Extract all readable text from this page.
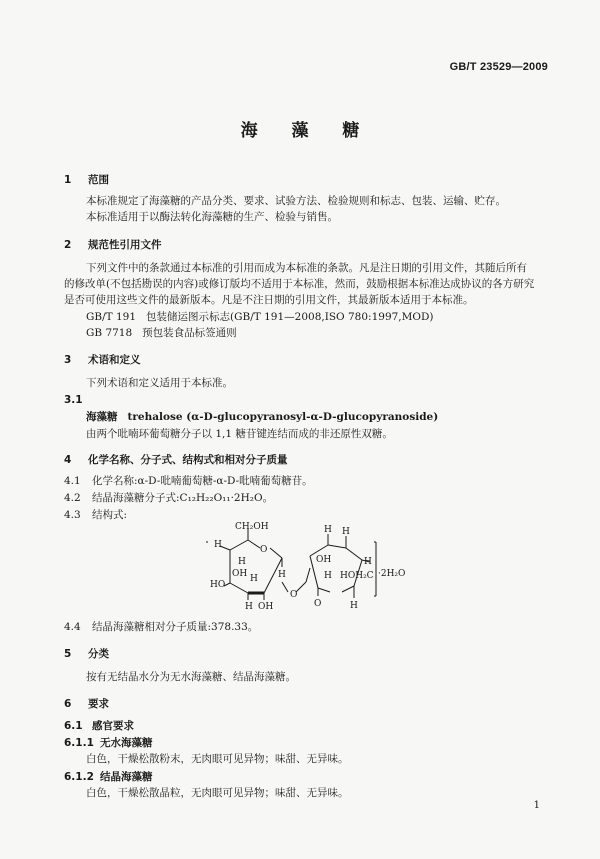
GB/T 23529—2009
海 藻 糖
1 范围
本标准规定了海藻糖的产品分类、要求、试验方法、检验规则和标志、包装、运输、贮存。
本标准适用于以酶法转化海藻糖的生产、检验与销售。
2 规范性引用文件
下列文件中的条款通过本标准的引用而成为本标准的条款。凡是注日期的引用文件，其随后所有
的修改单(不包括勘误的内容)或修订版均不适用于本标准，然而，鼓励根据本标准达成协议的各方研究
是否可使用这些文件的最新版本。凡是不注日期的引用文件，其最新版本适用于本标准。
GB/T 191   包装储运图示标志(GB/T 191—2008,ISO 780:1997,MOD)
GB 7718   预包装食品标签通则
3 术语和定义
下列术语和定义适用于本标准。
3.1
海藻糖 trehalose (α-D-glucopyranosyl-α-D-glucopyranoside)
由两个吡喃环葡萄糖分子以 1,1 糖苷键连结而成的非还原性双糖。
4 化学名称、分子式、结构式和相对分子质量
4.1 化学名称:α-D-吡喃葡萄糖-α-D-吡喃葡萄糖苷。
4.2 结晶海藻糖分子式:C₁₂H₂₂O₁₁·2H₂O。
4.3 结构式:
CH₂OH
O
H
H
H
HO
OH H
H OH
O
H H
OH	H
H HOH₂C
O	H
·2H₂O
4.4 结晶海藻糖相对分子质量:378.33。
5 分类
按有无结晶水分为无水海藻糖、结晶海藻糖。
6 要求
6.1 感官要求
6.1.1 无水海藻糖
白色，干燥松散粉末，无肉眼可见异物；味甜、无异味。
6.1.2 结晶海藻糖
白色，干燥松散晶粒，无肉眼可见异物；味甜、无异味。
1
